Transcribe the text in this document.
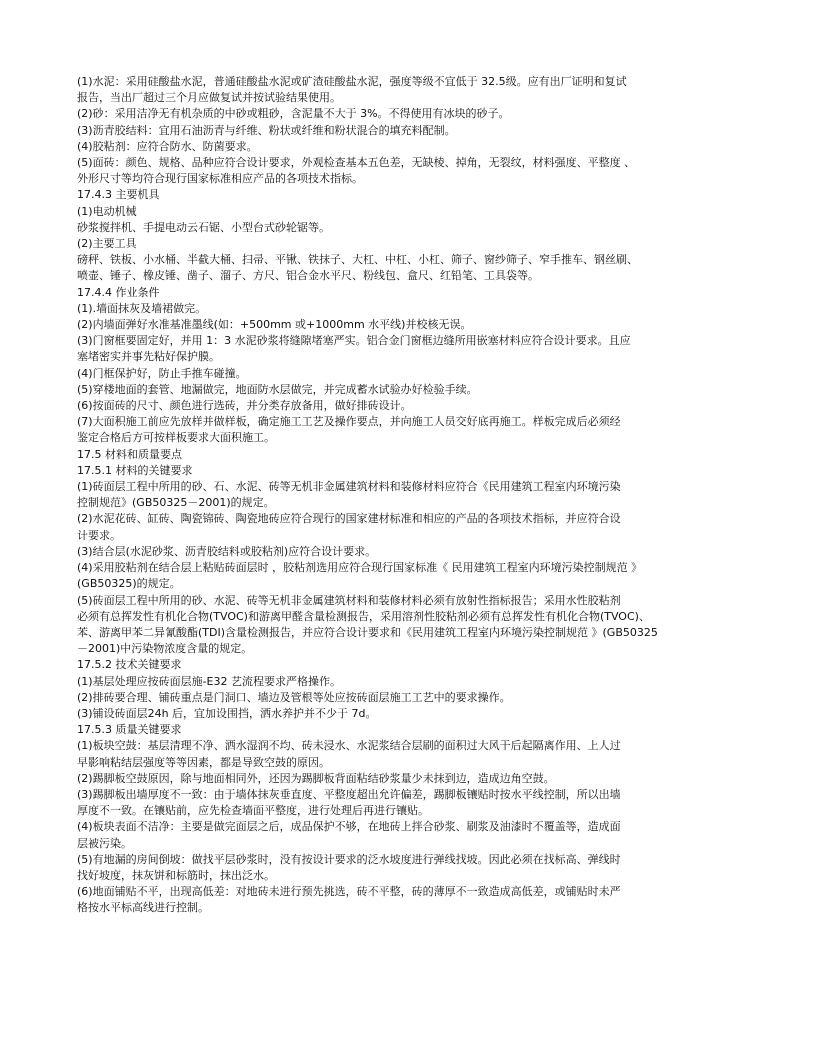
(1)水泥：采用硅酸盐水泥，普通硅酸盐水泥或矿渣硅酸盐水泥，强度等级不宜低于 32.5级。应有出厂证明和复试
报告，当出厂超过三个月应做复试并按试验结果使用。
(2)砂：采用洁净无有机杂质的中砂或粗砂，含泥量不大于 3%。不得使用有冰块的砂子。
(3)沥青胶结料：宜用石油沥青与纤维、粉状或纤维和粉状混合的填充料配制。
(4)胶粘剂：应符合防水、防菌要求。
(5)面砖：颜色、规格、品种应符合设计要求，外观检查基本五色差，无缺棱、掉角，无裂纹，材料强度、平整度 、
外形尺寸等均符合现行国家标准相应产品的各项技术指标。
17.4.3 主要机具
(1)电动机械
砂浆搅拌机、手提电动云石锯、小型台式砂轮锯等。
(2)主要工具
磅秤、铁板、小水桶、半截大桶、扫帚、平锹、铁抹子、大杠、中杠、小杠、筛子、窗纱筛子、窄手推车、钢丝刷、
喷壶、锤子、橡皮锤、凿子、溜子、方尺、铝合金水平尺、粉线包、盒尺、红铅笔、工具袋等。
17.4.4 作业条件
(1).墙面抹灰及墙裙做完。
(2)内墙面弹好水准基准墨线(如：+500mm 或+1000mm 水平线)并校核无误。
(3)门窗框要固定好，并用 1：3 水泥砂浆将缝隙堵塞严实。铝合金门窗框边缝所用嵌塞材料应符合设计要求。且应
塞堵密实并事先粘好保护膜。
(4)门框保护好，防止手推车碰撞。
(5)穿楼地面的套管、地漏做完，地面防水层做完，并完成蓄水试验办好检验手续。
(6)按面砖的尺寸、颜色进行选砖，并分类存放备用，做好排砖设计。
(7)大面积施工前应先放样并做样板，确定施工工艺及操作要点，并向施工人员交好底再施工。样板完成后必须经
鉴定合格后方可按样板要求大面积施工。
17.5 材料和质量要点
17.5.1 材料的关键要求
(1)砖面层工程中所用的砂、石、水泥、砖等无机非金属建筑材料和装修材料应符合《民用建筑工程室内环境污染
控制规范》(GB50325－2001)的规定。
(2)水泥花砖、缸砖、陶瓷锦砖、陶瓷地砖应符合现行的国家建材标准和相应的产品的各项技术指标，并应符合设
计要求。
(3)结合层(水泥砂浆、沥青胶结料或胶粘剂)应符合设计要求。
(4)采用胶粘剂在结合层上粘贴砖面层时 ，胶粘剂选用应符合现行国家标准《 民用建筑工程室内环境污染控制规范 》
(GB50325)的规定。
(5)砖面层工程中所用的砂、水泥、砖等无机非金属建筑材料和装修材料必须有放射性指标报告；采用水性胶粘剂
必须有总挥发性有机化合物(TVOC)和游离甲醛含量检测报告，采用溶剂性胶粘剂必须有总挥发性有机化合物(TVOC)、
苯、游离甲苯二异氰酸酯(TDI)含量检测报告，并应符合设计要求和《民用建筑工程室内环境污染控制规范 》(GB50325
－2001)中污染物浓度含量的规定。
17.5.2 技术关键要求
(1)基层处理应按砖面层施-E32 艺流程要求严格操作。
(2)排砖要合理、铺砖重点是门洞口、墙边及管根等处应按砖面层施工工艺中的要求操作。
(3)铺设砖面层24h 后，宜加设围挡，洒水养护并不少于 7d。
17.5.3 质量关键要求
(1)板块空鼓：基层清理不净、洒水湿润不均、砖未浸水、水泥浆结合层刷的面积过大风干后起隔离作用、上人过
早影响粘结层强度等等因素，都是导致空鼓的原因。
(2)踢脚板空鼓原因，除与地面相同外，还因为踢脚板背面粘结砂浆量少未抹到边，造成边角空鼓。
(3)踢脚板出墙厚度不一致：由于墙体抹灰垂直度、平整度超出允许偏差，踢脚板镶贴时按水平线控制，所以出墙
厚度不一致。在镶贴前，应先检查墙面平整度，进行处理后再进行镶贴。
(4)板块表面不洁净：主要是做完面层之后，成品保护不够，在地砖上拌合砂浆、刷浆及油漆时不覆盖等，造成面
层被污染。
(5)有地漏的房间倒坡：做找平层砂浆时，没有按设计要求的泛水坡度进行弹线找坡。因此必须在找标高、弹线时
找好坡度，抹灰饼和标筋时，抹出泛水。
(6)地面铺贴不平，出现高低差：对地砖未进行预先挑选，砖不平整，砖的薄厚不一致造成高低差，或铺贴时未严
格按水平标高线进行控制。
